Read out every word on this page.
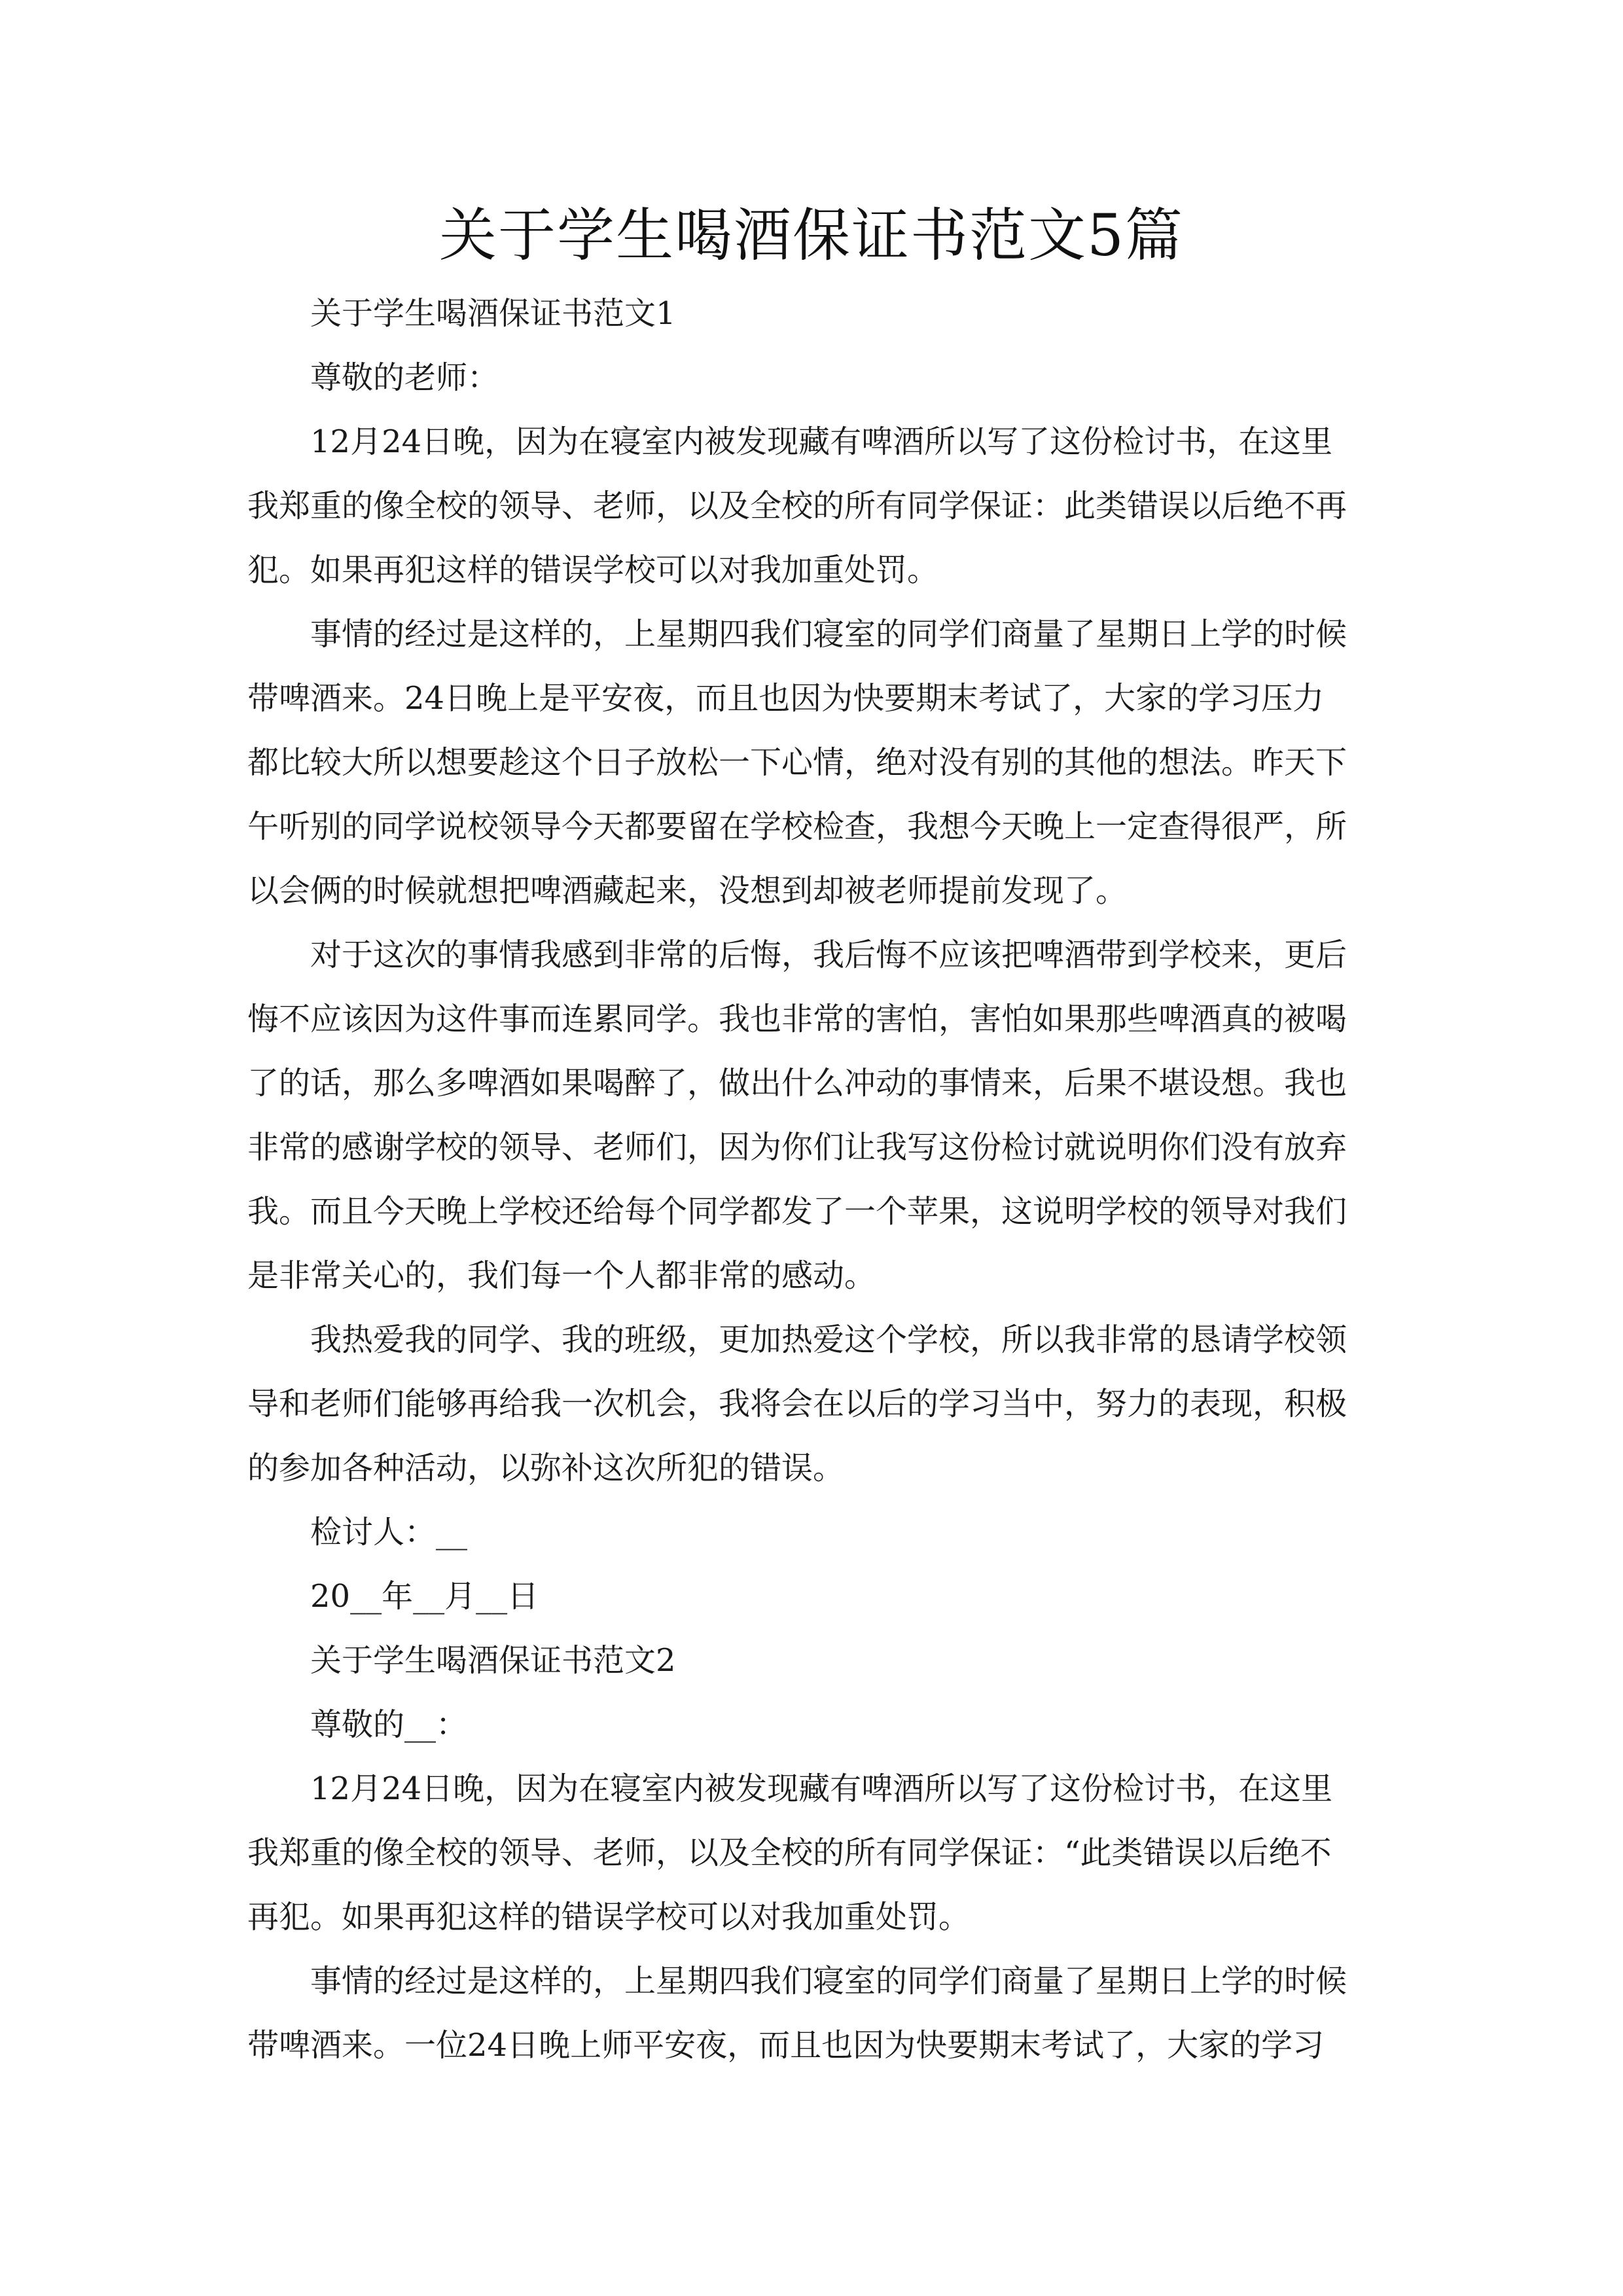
关于学生喝酒保证书范文5篇
关于学生喝酒保证书范文1
尊敬的老师：
12月24日晚，因为在寝室内被发现藏有啤酒所以写了这份检讨书，在这里
我郑重的像全校的领导、老师，以及全校的所有同学保证：此类错误以后绝不再
犯。如果再犯这样的错误学校可以对我加重处罚。
事情的经过是这样的，上星期四我们寝室的同学们商量了星期日上学的时候
带啤酒来。24日晚上是平安夜，而且也因为快要期末考试了，大家的学习压力
都比较大所以想要趁这个日子放松一下心情，绝对没有别的其他的想法。昨天下
午听别的同学说校领导今天都要留在学校检查，我想今天晚上一定查得很严，所
以会俩的时候就想把啤酒藏起来，没想到却被老师提前发现了。
对于这次的事情我感到非常的后悔，我后悔不应该把啤酒带到学校来，更后
悔不应该因为这件事而连累同学。我也非常的害怕，害怕如果那些啤酒真的被喝
了的话，那么多啤酒如果喝醉了，做出什么冲动的事情来，后果不堪设想。我也
非常的感谢学校的领导、老师们，因为你们让我写这份检讨就说明你们没有放弃
我。而且今天晚上学校还给每个同学都发了一个苹果，这说明学校的领导对我们
是非常关心的，我们每一个人都非常的感动。
我热爱我的同学、我的班级，更加热爱这个学校，所以我非常的恳请学校领
导和老师们能够再给我一次机会，我将会在以后的学习当中，努力的表现，积极
的参加各种活动，以弥补这次所犯的错误。
检讨人：__
20__年__月__日
关于学生喝酒保证书范文2
尊敬的__：
12月24日晚，因为在寝室内被发现藏有啤酒所以写了这份检讨书，在这里
我郑重的像全校的领导、老师，以及全校的所有同学保证：“此类错误以后绝不
再犯。如果再犯这样的错误学校可以对我加重处罚。
事情的经过是这样的，上星期四我们寝室的同学们商量了星期日上学的时候
带啤酒来。一位24日晚上师平安夜，而且也因为快要期末考试了，大家的学习
